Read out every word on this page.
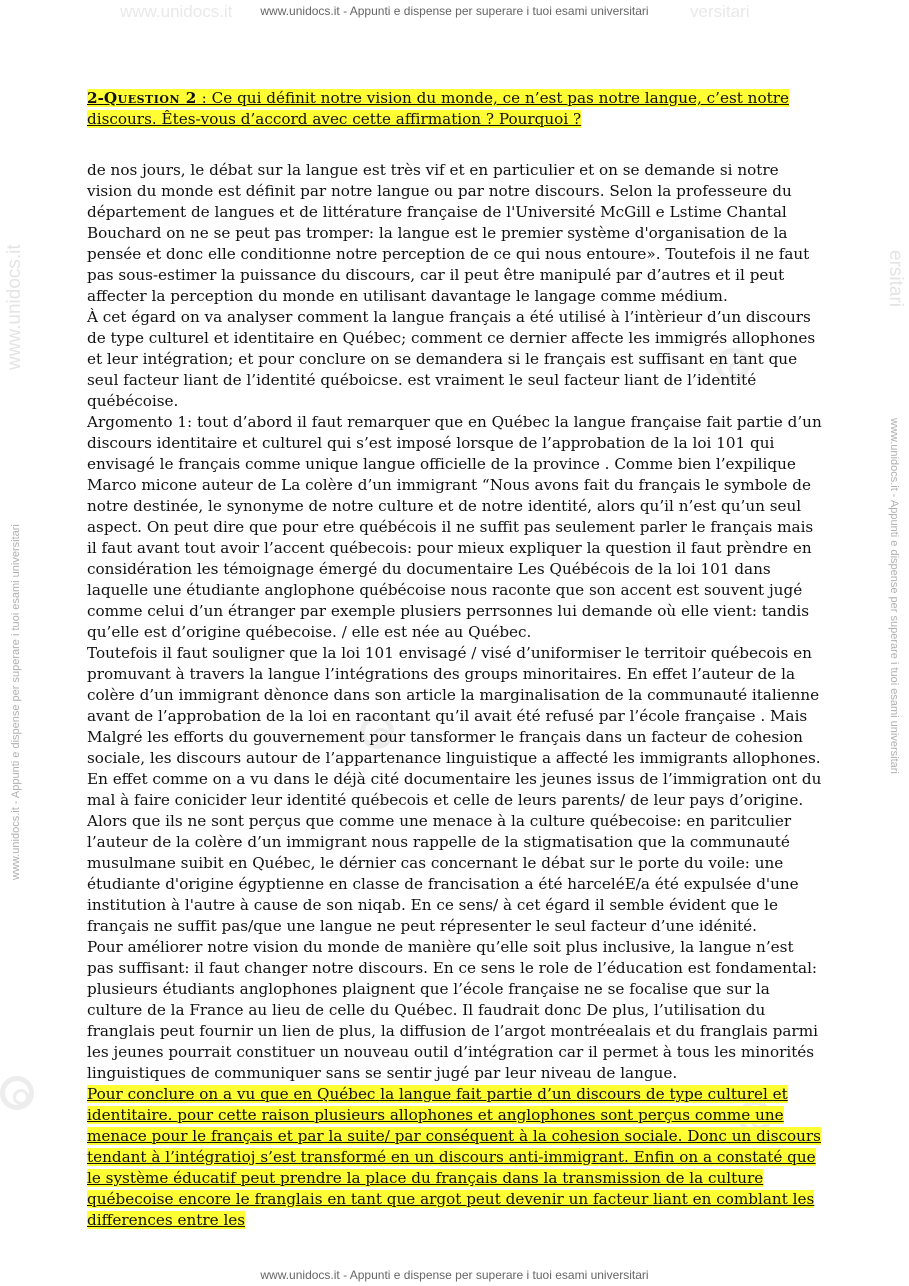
www.unidocs.it - Appunti e dispense per superare i tuoi esami universitari
www.unidocs.it	versitari
www.unidocs.it - Appunti e dispense per superare i tuoi esami universitari	www.unidocs.it - Appunti e dispense per superare i tuoi esami universitari
www.unidocs.it	ersitari

2-Question 2 : Ce qui définit notre vision du monde, ce n’est pas notre langue, c’est notre discours. Êtes-vous d’accord avec cette affirmation ? Pourquoi ?

de nos jours, le débat sur la langue est très vif et en particulier et on se demande si notre vision du monde est définit par notre langue ou par notre discours. Selon la professeure du département de langues et de littérature française de l'Université McGill e Lstime Chantal Bouchard on ne se peut pas tromper: la langue est le premier système d'organisation de la pensée et donc elle conditionne notre perception de ce qui nous entoure». Toutefois il ne faut pas sous-estimer la puissance du discours, car il peut être manipulé par d’autres et il peut affecter la perception du monde en utilisant davantage le langage comme médium.

À cet égard on va analyser comment la langue français a été utilisé à l’intèrieur d’un discours de type culturel et identitaire en Québec; comment ce dernier affecte les immigrés allophones et leur intégration; et pour conclure on se demandera si le français est suffisant en tant que seul facteur liant de l’identité québoicse. est vraiment le seul facteur liant de l’identité québécoise.

Argomento 1: tout d’abord il faut remarquer que en Québec la langue française fait partie d’un discours identitaire et culturel qui s’est imposé lorsque de l’approbation de la loi 101 qui envisagé le français comme unique langue officielle de la province . Comme bien l’expilique Marco micone auteur de La colère d’un immigrant “Nous avons fait du français le symbole de notre destinée, le synonyme de notre culture et de notre identité, alors qu’il n’est qu’un seul aspect. On peut dire que pour etre québécois il ne suffit pas seulement parler le français mais il faut avant tout avoir l’accent québecois: pour mieux expliquer la question il faut prèndre en considération les témoignage émergé du documentaire Les Québécois de la loi 101 dans laquelle une étudiante anglophone québécoise nous raconte que son accent est souvent jugé comme celui d’un étranger par exemple plusiers perrsonnes lui demande où elle vient: tandis qu’elle est d’origine québecoise. / elle est née au Québec.

Toutefois il faut souligner que la loi 101 envisagé / visé d’uniformiser le territoir québecois en promuvant à travers la langue l’intégrations des groups minoritaires. En effet l’auteur de la colère d’un immigrant dènonce dans son article la marginalisation de la communauté italienne avant de l’approbation de la loi en racontant qu’il avait été refusé par l’école française . Mais Malgré les efforts du gouvernement pour tansformer le français dans un facteur de cohesion sociale, les discours autour de l’appartenance linguistique a affecté les immigrants allophones. En effet comme on a vu dans le déjà cité documentaire les jeunes issus de l’immigration ont du mal à faire conicider leur identité québecois et celle de leurs parents/ de leur pays d’origine. Alors que ils ne sont perçus que comme une menace à la culture québecoise: en paritculier l’auteur de la colère d’un immigrant nous rappelle de la stigmatisation que la communauté musulmane suibit en Québec, le dérnier cas concernant le débat sur le porte du voile: une étudiante d'origine égyptienne en classe de francisation a été harceléE/a été expulsée d'une institution à l'autre à cause de son niqab. En ce sens/ à cet égard il semble évident que le français ne suffit pas/que une langue ne peut répresenter le seul facteur d’une idénité.

Pour améliorer notre vision du monde de manière qu’elle soit plus inclusive, la langue n’est pas suffisant: il faut changer notre discours. En ce sens le role de l’éducation est fondamental: plusieurs étudiants anglophones plaignent que l’école française ne se focalise que sur la culture de la France au lieu de celle du Québec. Il faudrait donc De plus, l’utilisation du franglais peut fournir un lien de plus, la diffusion de l’argot montréealais et du franglais parmi les jeunes pourrait constituer un nouveau outil d’intégration car il permet à tous les minorités linguistiques de communiquer sans se sentir jugé par leur niveau de langue.

Pour conclure on a vu que en Québec la langue fait partie d’un discours de type culturel et identitaire. pour cette raison plusieurs allophones et anglophones sont perçus comme une menace pour le français et par la suite/ par conséquent à la cohesion sociale. Donc un discours tendant à l’intégratioj s’est transformé en un discours anti-immigrant. Enfin on a constaté que le système éducatif peut prendre la place du français dans la transmission de la culture québecoise encore le franglais en tant que argot peut devenir un facteur liant en comblant les differences entre les

www.unidocs.it - Appunti e dispense per superare i tuoi esami universitari
